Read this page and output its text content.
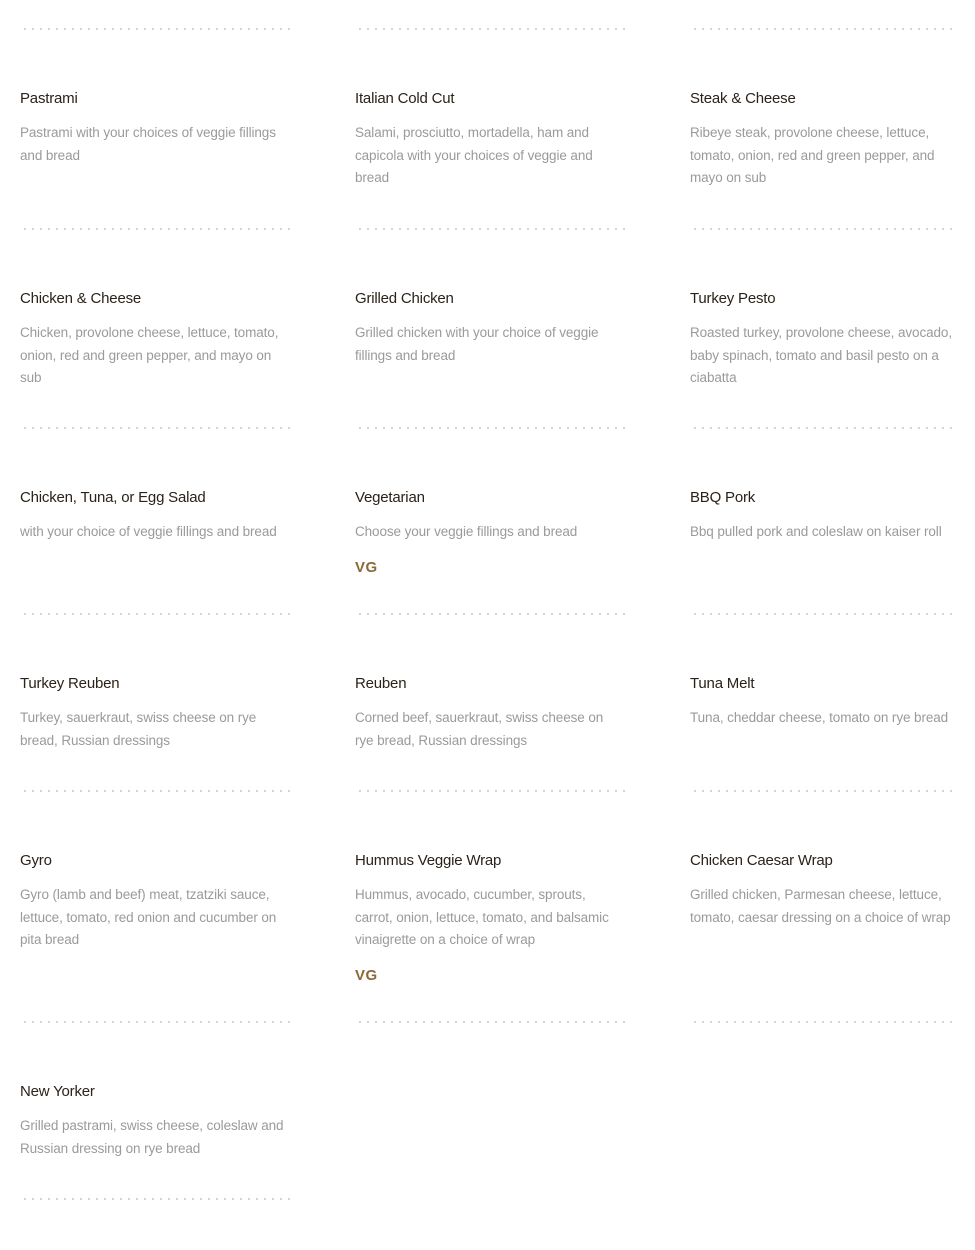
Pastrami
Pastrami with your choices of veggie fillings and bread
Chicken & Cheese
Chicken, provolone cheese, lettuce, tomato, onion, red and green pepper, and mayo on sub
Chicken, Tuna, or Egg Salad
with your choice of veggie fillings and bread
Turkey Reuben
Turkey, sauerkraut, swiss cheese on rye bread, Russian dressings
Gyro
Gyro (lamb and beef) meat, tzatziki sauce, lettuce, tomato, red onion and cucumber on pita bread
New Yorker
Grilled pastrami, swiss cheese, coleslaw and Russian dressing on rye bread
Italian Cold Cut
Salami, prosciutto, mortadella, ham and capicola with your choices of veggie and bread
Grilled Chicken
Grilled chicken with your choice of veggie fillings and bread
Vegetarian
Choose your veggie fillings and bread
VG
Reuben
Corned beef, sauerkraut, swiss cheese on rye bread, Russian dressings
Hummus Veggie Wrap
Hummus, avocado, cucumber, sprouts, carrot, onion, lettuce, tomato, and balsamic vinaigrette on a choice of wrap
VG
Steak & Cheese
Ribeye steak, provolone cheese, lettuce, tomato, onion, red and green pepper, and mayo on sub
Turkey Pesto
Roasted turkey, provolone cheese, avocado, baby spinach, tomato and basil pesto on a ciabatta
BBQ Pork
Bbq pulled pork and coleslaw on kaiser roll
Tuna Melt
Tuna, cheddar cheese, tomato on rye bread
Chicken Caesar Wrap
Grilled chicken, Parmesan cheese, lettuce, tomato, caesar dressing on a choice of wrap
